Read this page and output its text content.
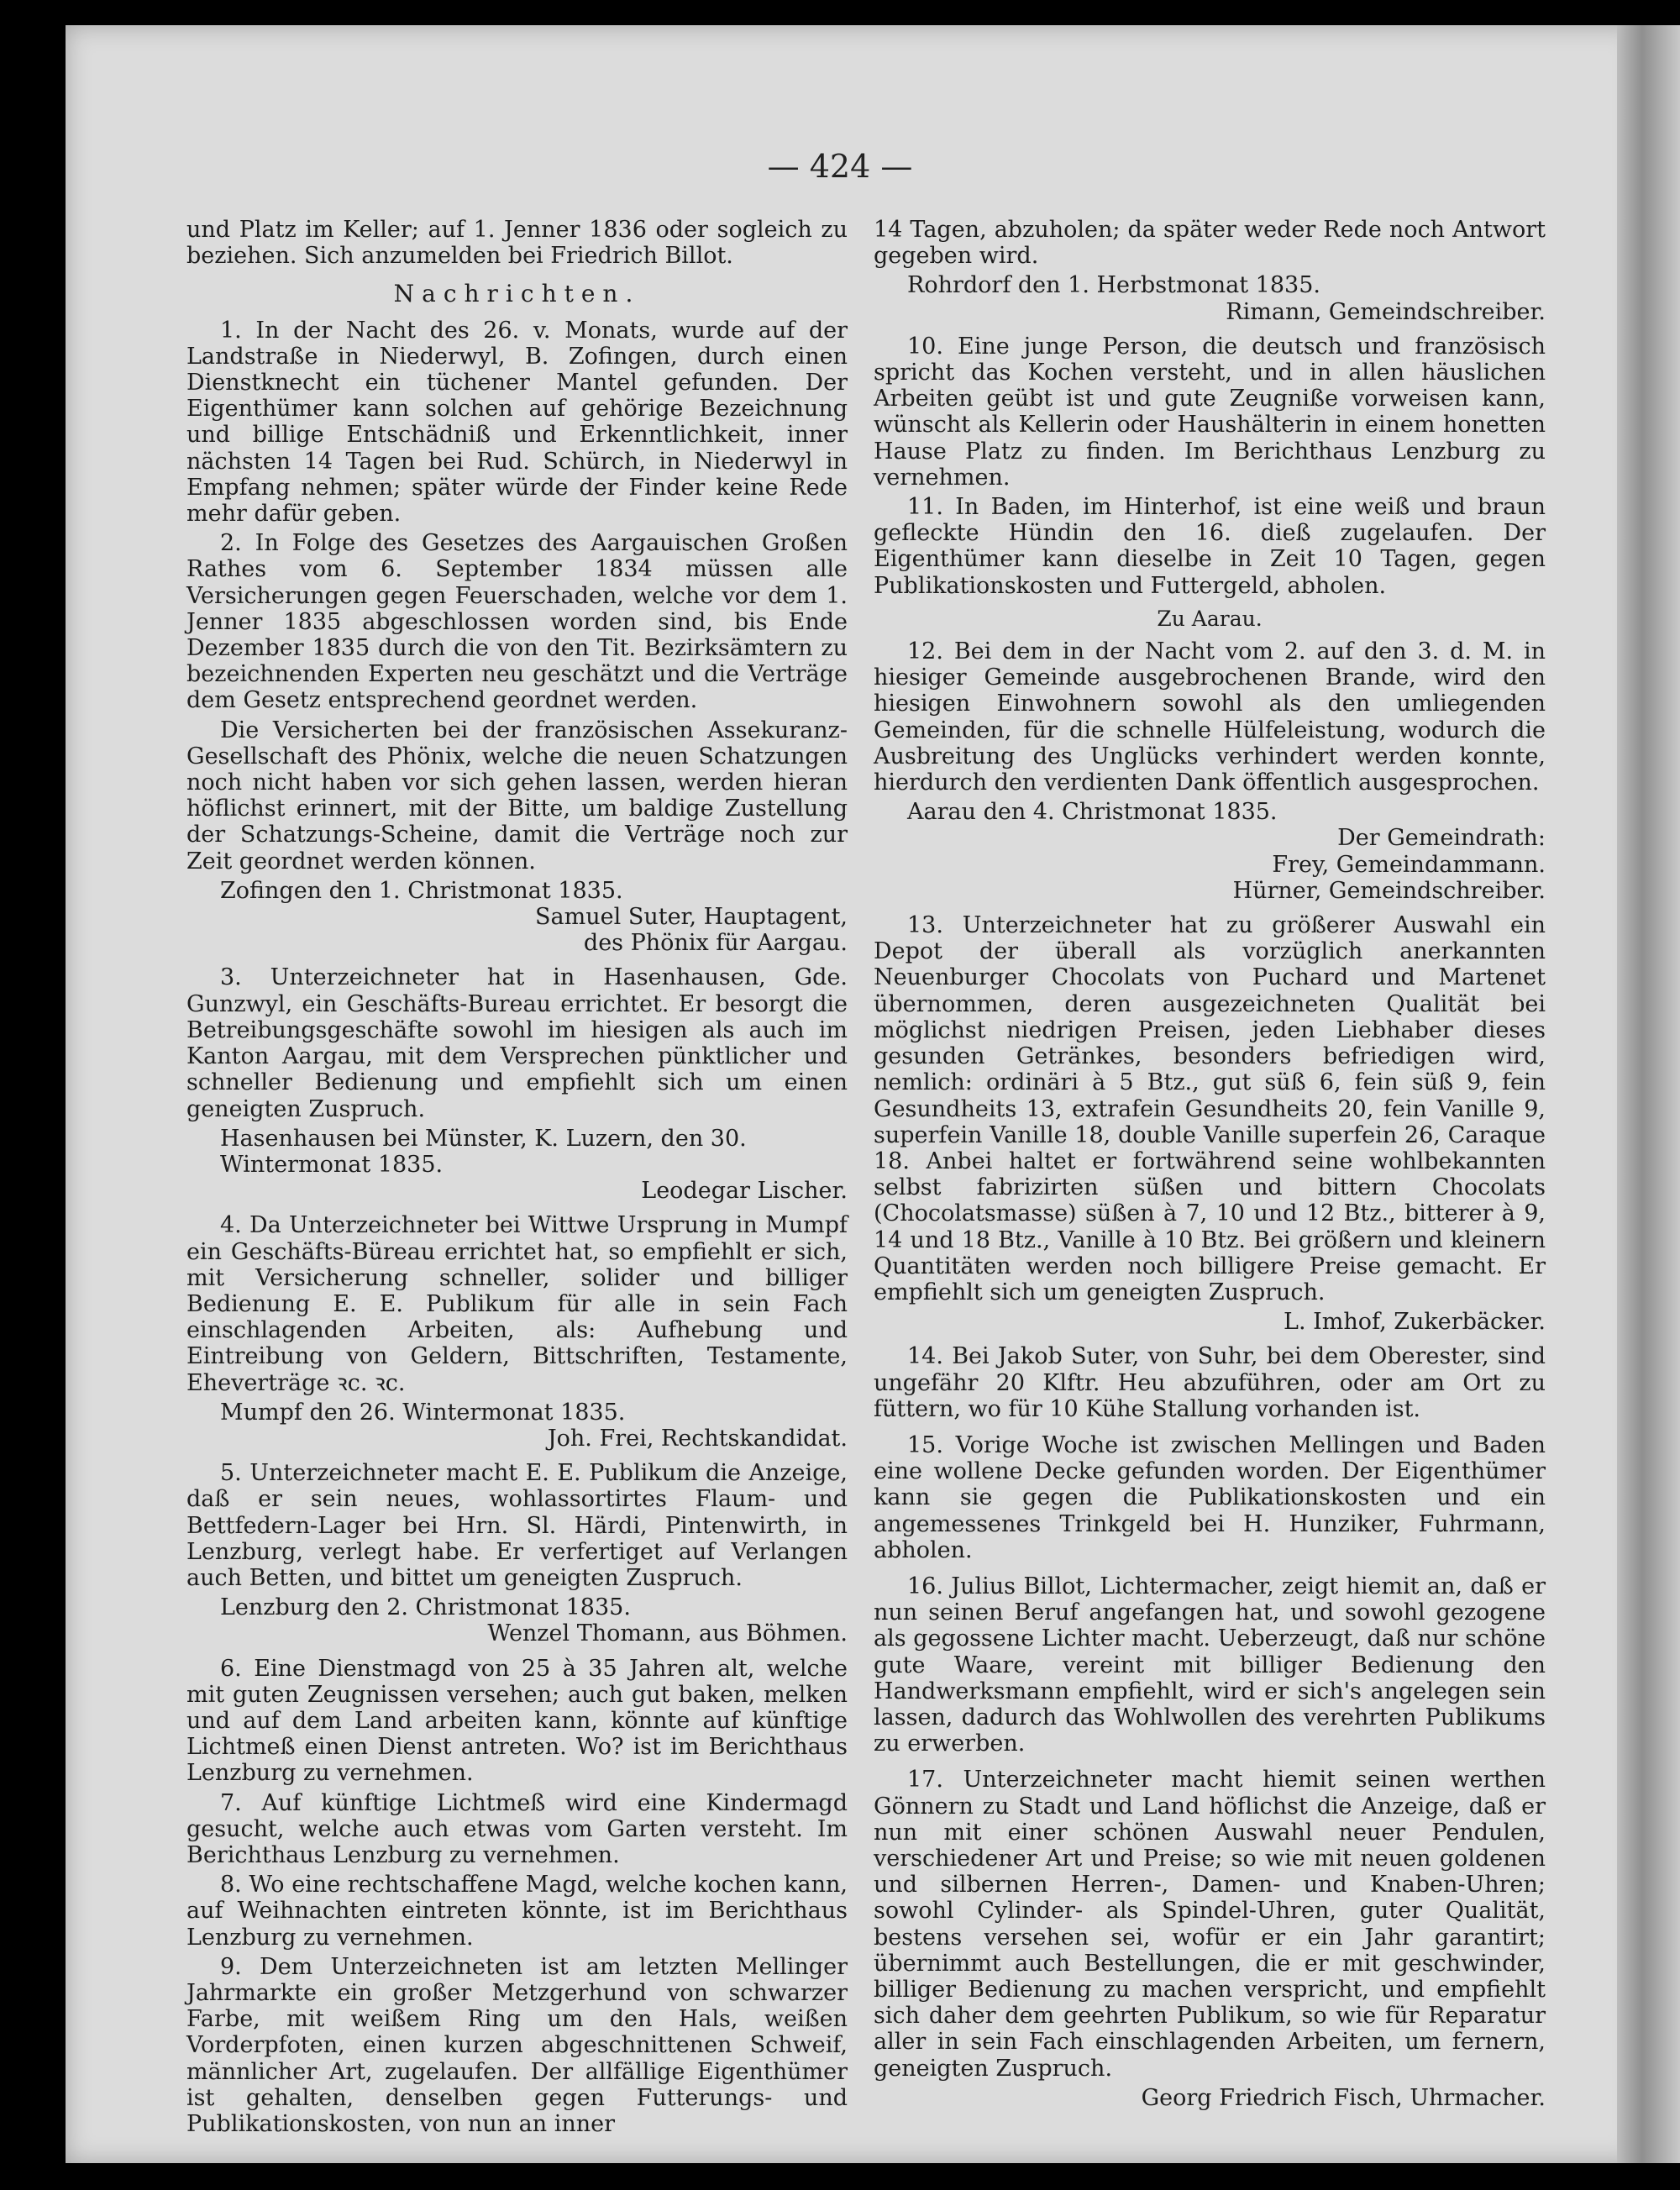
— 424 —

und Platz im Keller; auf 1. Jenner 1836 oder sogleich zu beziehen. Sich anzumelden bei Friedrich Billot.

Nachrichten.

1. In der Nacht des 26. v. Monats, wurde auf der Landstraße in Niederwyl, B. Zofingen, durch einen Dienstknecht ein tüchener Mantel gefunden. Der Eigenthümer kann solchen auf gehörige Bezeichnung und billige Entschädniß und Erkenntlichkeit, inner nächsten 14 Tagen bei Rud. Schürch, in Niederwyl in Empfang nehmen; später würde der Finder keine Rede mehr dafür geben.

2. In Folge des Gesetzes des Aargauischen Großen Rathes vom 6. September 1834 müssen alle Versicherungen gegen Feuerschaden, welche vor dem 1. Jenner 1835 abgeschlossen worden sind, bis Ende Dezember 1835 durch die von den Tit. Bezirksämtern zu bezeichnenden Experten neu geschätzt und die Verträge dem Gesetz entsprechend geordnet werden.

Die Versicherten bei der französischen Assekuranz-Gesellschaft des Phönix, welche die neuen Schatzungen noch nicht haben vor sich gehen lassen, werden hieran höflichst erinnert, mit der Bitte, um baldige Zustellung der Schatzungs-Scheine, damit die Verträge noch zur Zeit geordnet werden können.

Zofingen den 1. Christmonat 1835.

Samuel Suter, Hauptagent,

des Phönix für Aargau.

3. Unterzeichneter hat in Hasenhausen, Gde. Gunzwyl, ein Geschäfts-Bureau errichtet. Er besorgt die Betreibungsgeschäfte sowohl im hiesigen als auch im Kanton Aargau, mit dem Versprechen pünktlicher und schneller Bedienung und empfiehlt sich um einen geneigten Zuspruch.

Hasenhausen bei Münster, K. Luzern, den 30. Wintermonat 1835.

Leodegar Lischer.

4. Da Unterzeichneter bei Wittwe Ursprung in Mumpf ein Geschäfts-Büreau errichtet hat, so empfiehlt er sich, mit Versicherung schneller, solider und billiger Bedienung E. E. Publikum für alle in sein Fach einschlagenden Arbeiten, als: Aufhebung und Eintreibung von Geldern, Bittschriften, Testamente, Eheverträge ꝛc. ꝛc.

Mumpf den 26. Wintermonat 1835.

Joh. Frei, Rechtskandidat.

5. Unterzeichneter macht E. E. Publikum die Anzeige, daß er sein neues, wohlassortirtes Flaum- und Bettfedern-Lager bei Hrn. Sl. Härdi, Pintenwirth, in Lenzburg, verlegt habe. Er verfertiget auf Verlangen auch Betten, und bittet um geneigten Zuspruch.

Lenzburg den 2. Christmonat 1835.

Wenzel Thomann, aus Böhmen.

6. Eine Dienstmagd von 25 à 35 Jahren alt, welche mit guten Zeugnissen versehen; auch gut baken, melken und auf dem Land arbeiten kann, könnte auf künftige Lichtmeß einen Dienst antreten. Wo? ist im Berichthaus Lenzburg zu vernehmen.

7. Auf künftige Lichtmeß wird eine Kindermagd gesucht, welche auch etwas vom Garten versteht. Im Berichthaus Lenzburg zu vernehmen.

8. Wo eine rechtschaffene Magd, welche kochen kann, auf Weihnachten eintreten könnte, ist im Berichthaus Lenzburg zu vernehmen.

9. Dem Unterzeichneten ist am letzten Mellinger Jahrmarkte ein großer Metzgerhund von schwarzer Farbe, mit weißem Ring um den Hals, weißen Vorderpfoten, einen kurzen abgeschnittenen Schweif, männlicher Art, zugelaufen. Der allfällige Eigenthümer ist gehalten, denselben gegen Futterungs- und Publikationskosten, von nun an inner

14 Tagen, abzuholen; da später weder Rede noch Antwort gegeben wird.

Rohrdorf den 1. Herbstmonat 1835.

Rimann, Gemeindschreiber.

10. Eine junge Person, die deutsch und französisch spricht das Kochen versteht, und in allen häuslichen Arbeiten geübt ist und gute Zeugniße vorweisen kann, wünscht als Kellerin oder Haushälterin in einem honetten Hause Platz zu finden. Im Berichthaus Lenzburg zu vernehmen.

11. In Baden, im Hinterhof, ist eine weiß und braun gefleckte Hündin den 16. dieß zugelaufen. Der Eigenthümer kann dieselbe in Zeit 10 Tagen, gegen Publikationskosten und Futtergeld, abholen.

Zu Aarau.

12. Bei dem in der Nacht vom 2. auf den 3. d. M. in hiesiger Gemeinde ausgebrochenen Brande, wird den hiesigen Einwohnern sowohl als den umliegenden Gemeinden, für die schnelle Hülfeleistung, wodurch die Ausbreitung des Unglücks verhindert werden konnte, hierdurch den verdienten Dank öffentlich ausgesprochen.

Aarau den 4. Christmonat 1835.

Der Gemeindrath:

Frey, Gemeindammann.

Hürner, Gemeindschreiber.

13. Unterzeichneter hat zu größerer Auswahl ein Depot der überall als vorzüglich anerkannten Neuenburger Chocolats von Puchard und Martenet übernommen, deren ausgezeichneten Qualität bei möglichst niedrigen Preisen, jeden Liebhaber dieses gesunden Getränkes, besonders befriedigen wird, nemlich: ordinäri à 5 Btz., gut süß 6, fein süß 9, fein Gesundheits 13, extrafein Gesundheits 20, fein Vanille 9, superfein Vanille 18, double Vanille superfein 26, Caraque 18. Anbei haltet er fortwährend seine wohlbekannten selbst fabrizirten süßen und bittern Chocolats (Chocolatsmasse) süßen à 7, 10 und 12 Btz., bitterer à 9, 14 und 18 Btz., Vanille à 10 Btz. Bei größern und kleinern Quantitäten werden noch billigere Preise gemacht. Er empfiehlt sich um geneigten Zuspruch.

L. Imhof, Zukerbäcker.

14. Bei Jakob Suter, von Suhr, bei dem Oberester, sind ungefähr 20 Klftr. Heu abzuführen, oder am Ort zu füttern, wo für 10 Kühe Stallung vorhanden ist.

15. Vorige Woche ist zwischen Mellingen und Baden eine wollene Decke gefunden worden. Der Eigenthümer kann sie gegen die Publikationskosten und ein angemessenes Trinkgeld bei H. Hunziker, Fuhrmann, abholen.

16. Julius Billot, Lichtermacher, zeigt hiemit an, daß er nun seinen Beruf angefangen hat, und sowohl gezogene als gegossene Lichter macht. Ueberzeugt, daß nur schöne gute Waare, vereint mit billiger Bedienung den Handwerksmann empfiehlt, wird er sich's angelegen sein lassen, dadurch das Wohlwollen des verehrten Publikums zu erwerben.

17. Unterzeichneter macht hiemit seinen werthen Gönnern zu Stadt und Land höflichst die Anzeige, daß er nun mit einer schönen Auswahl neuer Pendulen, verschiedener Art und Preise; so wie mit neuen goldenen und silbernen Herren-, Damen- und Knaben-Uhren; sowohl Cylinder- als Spindel-Uhren, guter Qualität, bestens versehen sei, wofür er ein Jahr garantirt; übernimmt auch Bestellungen, die er mit geschwinder, billiger Bedienung zu machen verspricht, und empfiehlt sich daher dem geehrten Publikum, so wie für Reparatur aller in sein Fach einschlagenden Arbeiten, um fernern, geneigten Zuspruch.

Georg Friedrich Fisch, Uhrmacher.
